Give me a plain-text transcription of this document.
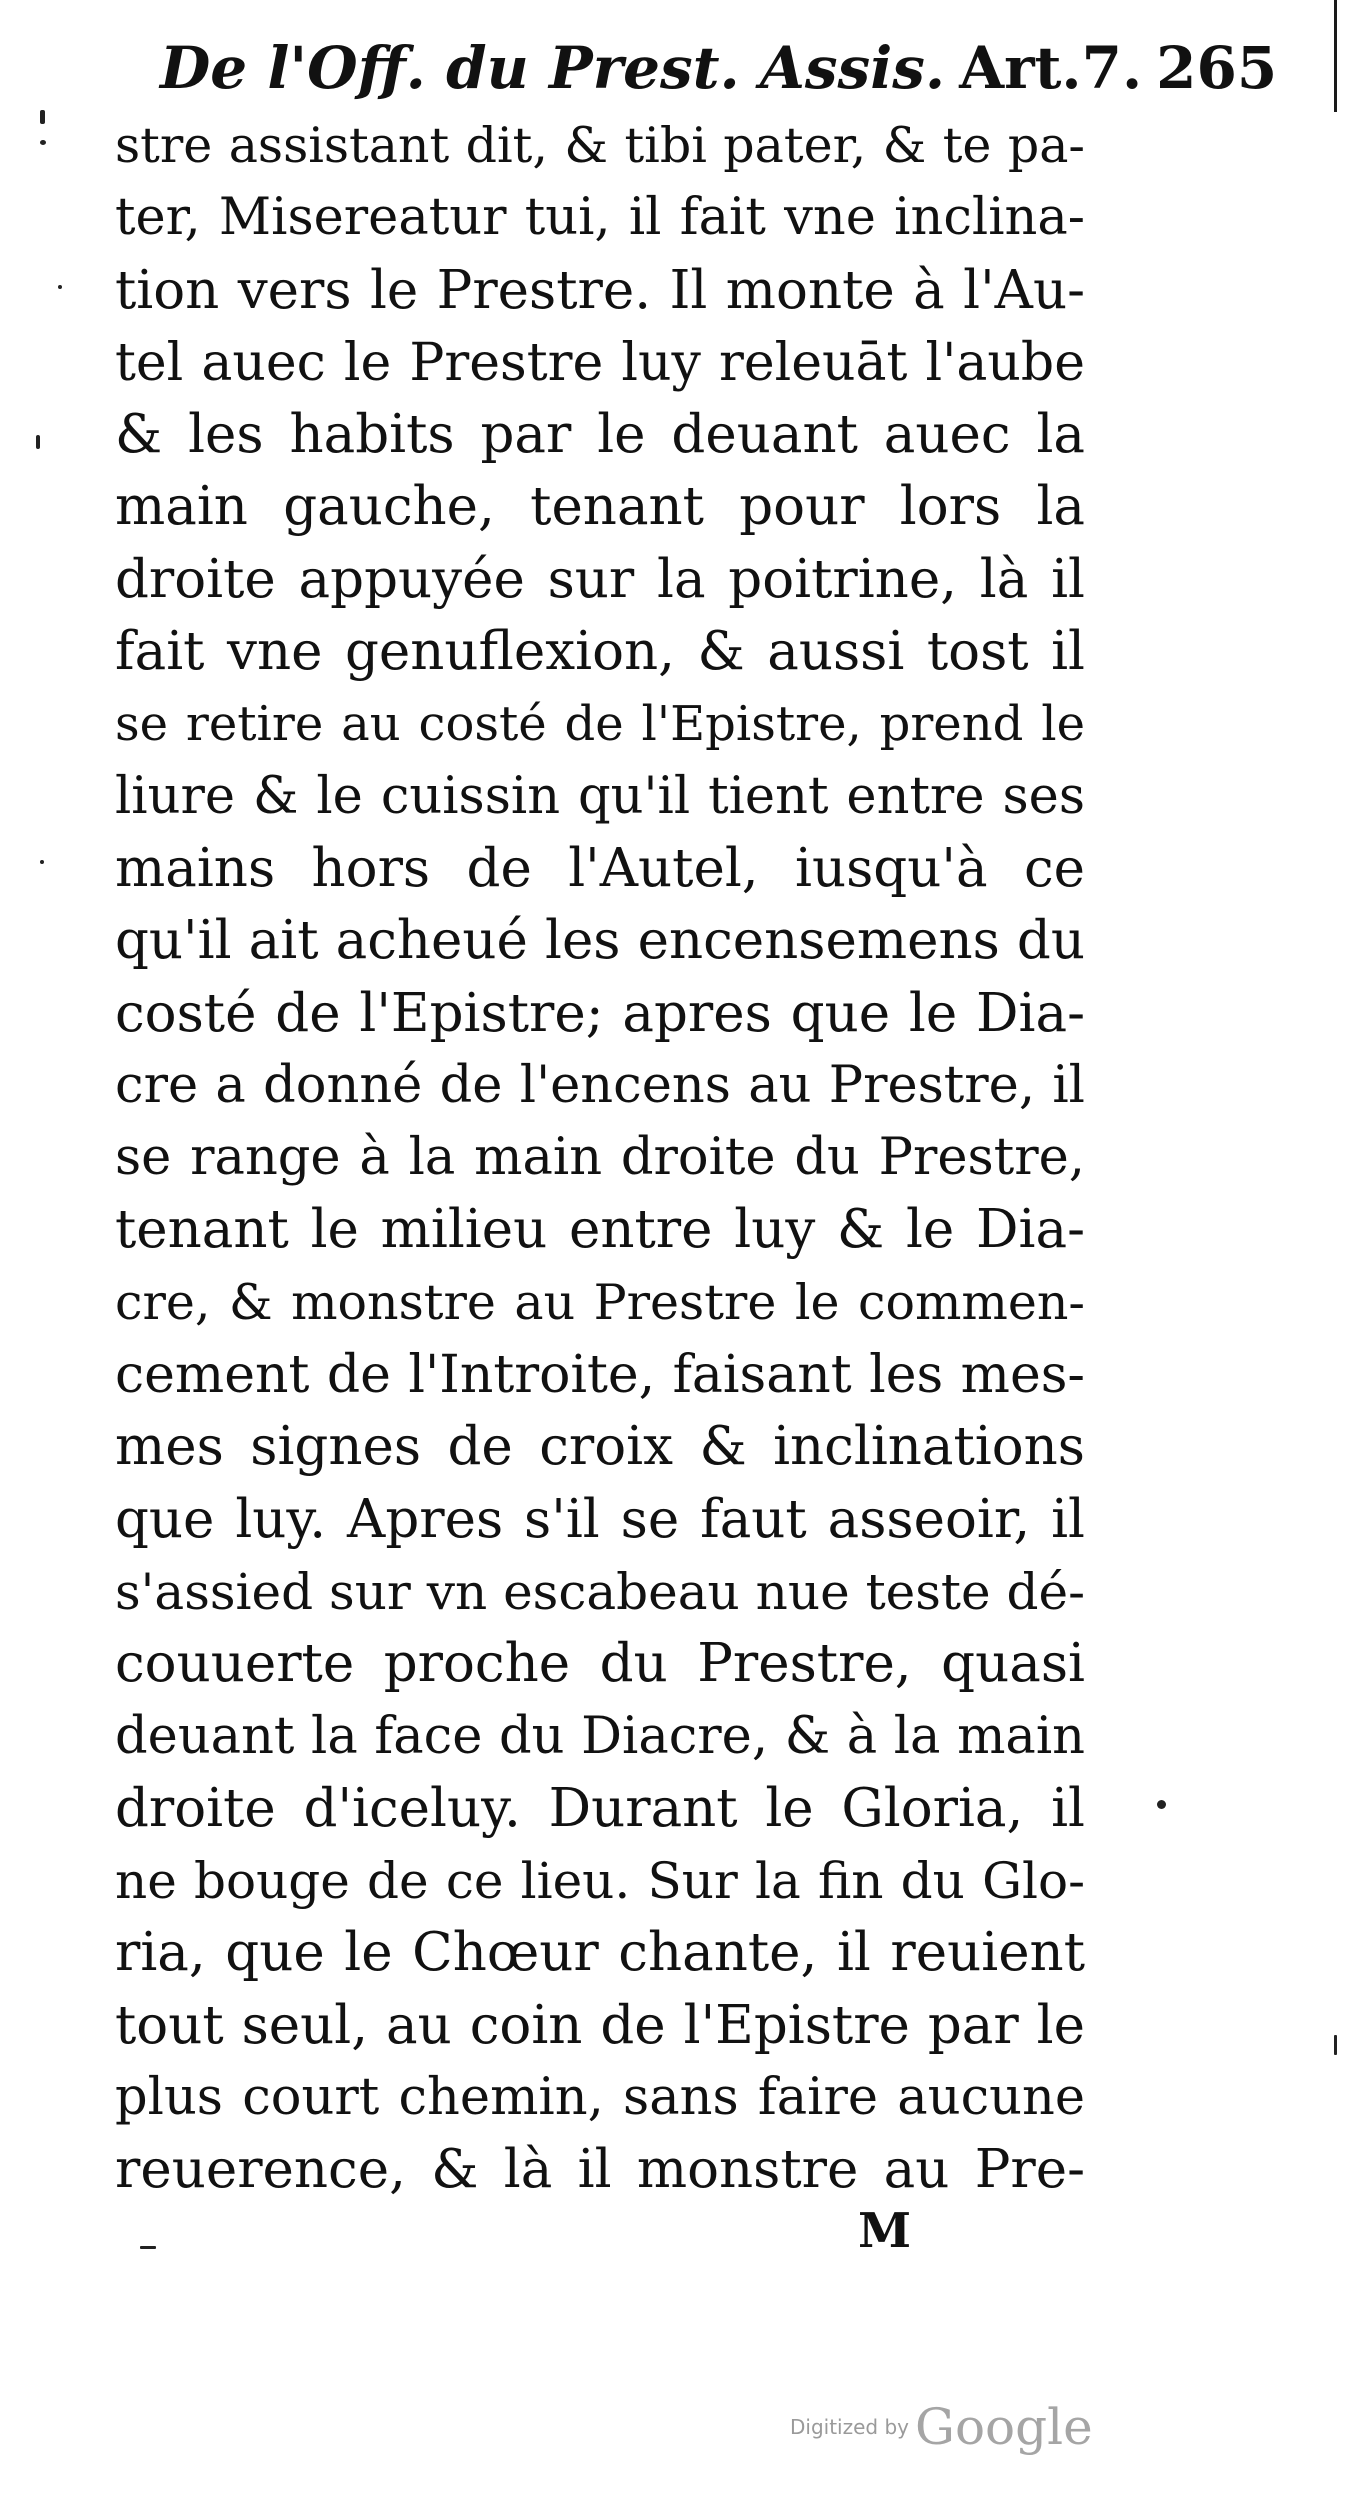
De l'Off. du Prest. Assis. Art.7. 265
stre assistant dit, & tibi pater, & te pa-
ter, Misereatur tui, il fait vne inclina-
tion vers le Prestre. Il monte à l'Au-
tel auec le Prestre luy releuāt l'aube
& les habits par le deuant auec la
main gauche, tenant pour lors la
droite appuyée sur la poitrine, là il
fait vne genuflexion, & aussi tost il
se retire au costé de l'Epistre, prend le
liure & le cuissin qu'il tient entre ses
mains hors de l'Autel, iusqu'à ce
qu'il ait acheué les encensemens du
costé de l'Epistre; apres que le Dia-
cre a donné de l'encens au Prestre, il
se range à la main droite du Prestre,
tenant le milieu entre luy & le Dia-
cre, & monstre au Prestre le commen-
cement de l'Introite, faisant les mes-
mes signes de croix & inclinations
que luy. Apres s'il se faut asseoir, il
s'assied sur vn escabeau nue teste dé-
couuerte proche du Prestre, quasi
deuant la face du Diacre, & à la main
droite d'iceluy. Durant le Gloria, il
ne bouge de ce lieu. Sur la fin du Glo-
ria, que le Chœur chante, il reuient
tout seul, au coin de l'Epistre par le
plus court chemin, sans faire aucune
reuerence, & là il monstre au Pre-
M
Digitized by Google
